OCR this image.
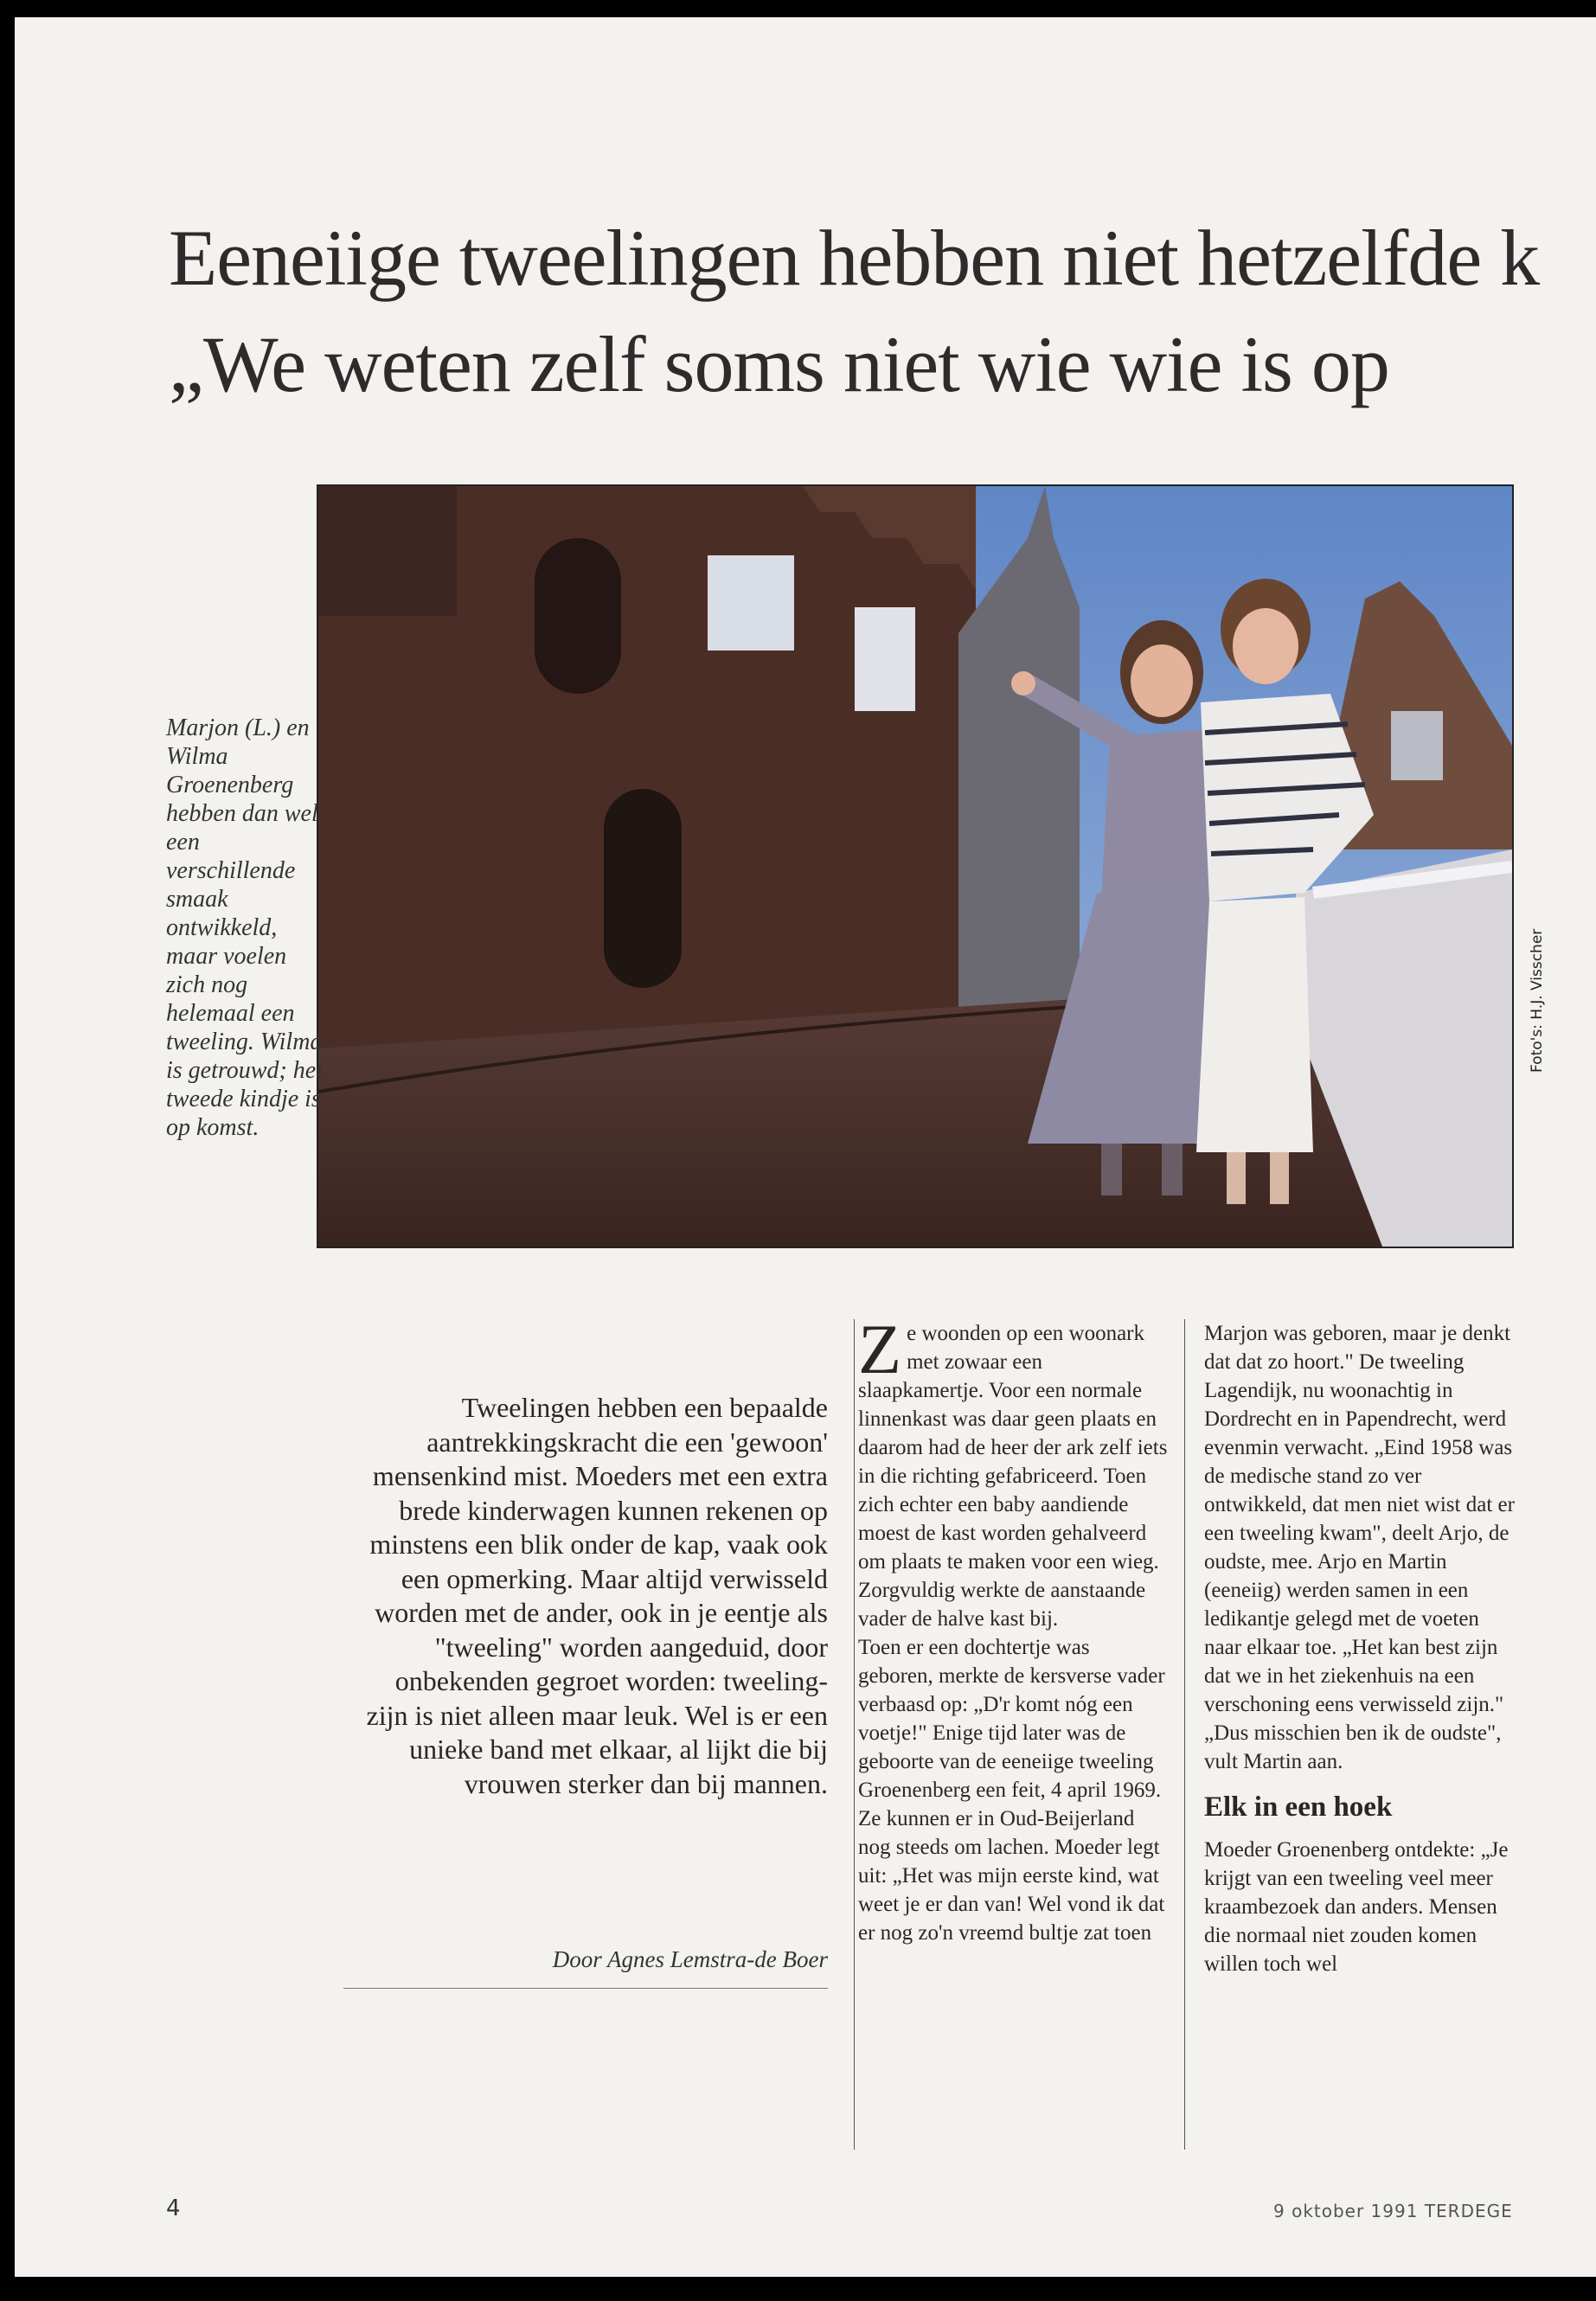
Eeneiige tweelingen hebben niet hetzelfde k
„We weten zelf soms niet wie wie is op
Foto's: H.J. Visscher
Marjon (L.) en Wilma Groenenberg hebben dan wel een verschillende smaak ontwikkeld, maar voelen zich nog helemaal een tweeling. Wilma is getrouwd; het tweede kindje is op komst.
Tweelingen hebben een bepaalde aantrekkingskracht die een 'gewoon' mensenkind mist. Moeders met een extra brede kinderwagen kunnen rekenen op minstens een blik onder de kap, vaak ook een opmerking. Maar altijd verwisseld worden met de ander, ook in je eentje als "tweeling" worden aangeduid, door onbekenden gegroet worden: tweeling-zijn is niet alleen maar leuk. Wel is er een unieke band met elkaar, al lijkt die bij vrouwen sterker dan bij mannen.
Door Agnes Lemstra-de Boer

Ze woonden op een woonark met zowaar een slaapkamertje. Voor een normale linnenkast was daar geen plaats en daarom had de heer der ark zelf iets in die richting gefabriceerd. Toen zich echter een baby aandiende moest de kast worden gehalveerd om plaats te maken voor een wieg. Zorgvuldig werkte de aanstaande vader de halve kast bij.

Toen er een dochtertje was geboren, merkte de kersverse vader verbaasd op: „D'r komt nóg een voetje!" Enige tijd later was de geboorte van de eeneiige tweeling Groenenberg een feit, 4 april 1969.

Ze kunnen er in Oud-Beijerland nog steeds om lachen. Moeder legt uit: „Het was mijn eerste kind, wat weet je er dan van! Wel vond ik dat er nog zo'n vreemd bultje zat toen

Marjon was geboren, maar je denkt dat dat zo hoort." De tweeling Lagendijk, nu woonachtig in Dordrecht en in Papendrecht, werd evenmin verwacht. „Eind 1958 was de medische stand zo ver ontwikkeld, dat men niet wist dat er een tweeling kwam", deelt Arjo, de oudste, mee. Arjo en Martin (eeneiig) werden samen in een ledikantje gelegd met de voeten naar elkaar toe. „Het kan best zijn dat we in het ziekenhuis na een verschoning eens verwisseld zijn."

„Dus misschien ben ik de oudste", vult Martin aan.

Elk in een hoek

Moeder Groenenberg ontdekte: „Je krijgt van een tweeling veel meer kraambezoek dan anders. Mensen die normaal niet zouden komen willen toch wel

4	9 oktober 1991 TERDEGE
